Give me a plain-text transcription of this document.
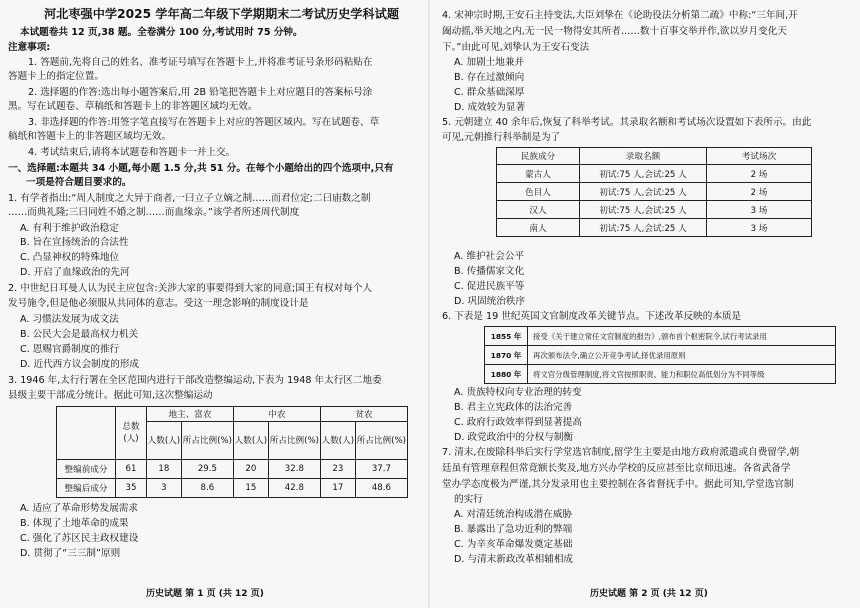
河北枣强中学2025 学年高二年级下学期期末二考试历史学科试题
本试题卷共 12 页,38 题。全卷满分 100 分,考试用时 75 分钟。
注意事项:
1. 答题前,先将自己的姓名、准考证号填写在答题卡上,并将准考证号条形码粘贴在
答题卡上的指定位置。
2. 选择题的作答:选出每小题答案后,用 2B 铅笔把答题卡上对应题目的答案标号涂
黑。写在试题卷、草稿纸和答题卡上的非答题区域均无效。
3. 非选择题的作答:用签字笔直接写在答题卡上对应的答题区域内。写在试题卷、草
稿纸和答题卡上的非答题区域均无效。
4. 考试结束后,请将本试题卷和答题卡一并上交。
一、选择题:本题共 34 小题,每小题 1.5 分,共 51 分。在每个小题给出的四个选项中,只有
一项是符合题目要求的。
1. 有学者指出:“周人制度之大异于商者,一曰立子立嫡之制……而君位定;二曰庙数之制
……而典礼隆;三曰同姓不婚之制……而血缘亲。”该学者所述周代制度
A. 有利于维护政治稳定
B. 旨在宣扬统治的合法性
C. 凸显神权的特殊地位
D. 开启了血缘政治的先河
2. 中世纪日耳曼人认为民主应包含:关涉大家的事要得到大家的同意;国王有权对每个人
发号施令,但是他必须服从共同体的意志。受这一理念影响的制度设计是
A. 习惯法发展为成文法
B. 公民大会是最高权力机关
C. 恩赐官爵制度的推行
D. 近代西方议会制度的形成
3. 1946 年,太行行署在全区范围内进行干部改造整编运动,下表为 1948 年太行区二地委
县级主要干部成分统计。据此可知,这次整编运动
	总数(人)	地主、富农		中农		贫农	
		人数(人)	所占比例(%)	人数(人)	所占比例(%)	人数(人)	所占比例(%)
整编前成分	61	18	29.5	20	32.8	23	37.7
整编后成分	35	3	8.6	15	42.8	17	48.6
A. 适应了革命形势发展需求
B. 体现了土地革命的成果
C. 强化了苏区民主政权建设
D. 贯彻了“三三制”原则
历史试题 第 1 页 (共 12 页)
4. 宋神宗时期,王安石主持变法,大臣刘挚在《论助役法分析第二疏》中称:“三年间,开
阖动摇,举天地之内,无一民一物得安其所者……数十百事交举并作,欲以岁月变化天
下。”由此可见,刘挚认为王安石变法
A. 加剧土地兼并
B. 存在过激倾向
C. 群众基础深厚
D. 成效较为显著
5. 元朝建立 40 余年后,恢复了科举考试。其录取名额和考试场次设置如下表所示。由此
可见,元朝推行科举制是为了
民族成分	录取名额	考试场次
蒙古人	初试:75 人,会试:25 人	2 场
色目人	初试:75 人,会试:25 人	2 场
汉人	初试:75 人,会试:25 人	3 场
南人	初试:75 人,会试:25 人	3 场
A. 维护社会公平
B. 传播儒家文化
C. 促进民族平等
D. 巩固统治秩序
6. 下表是 19 世纪英国文官制度改革关键节点。下述改革反映的本质是
1855 年	接受《关于建立常任文官制度的报告》,颁布首个枢密院令,试行考试录用
1870 年	再次颁布法令,确立公开竞争考试,择优录用原则
1880 年	将文官分级管理制度,将文官按照职责、能力和职位高低划分为不同等级
A. 贵族特权向专业治理的转变
B. 君主立宪政体的法治完善
C. 政府行政效率得到显著提高
D. 政党政治中的分权与制衡
7. 清末,在废除科举后实行学堂选官制度,留学生主要是由地方政府派遣或自费留学,朝
廷虽有管理章程但常竟额长奖及,地方兴办学校的反应甚至比京师迅速。各省武备学
堂办学态度极为严谨,其分发录用也主要控制在各省督抚手中。据此可知,学堂选官制
的实行
A. 对清廷统治构成潜在威胁
B. 暴露出了急功近利的弊端
C. 为辛亥革命爆发奠定基础
D. 与清末新政改革相辅相成
历史试题 第 2 页 (共 12 页)
